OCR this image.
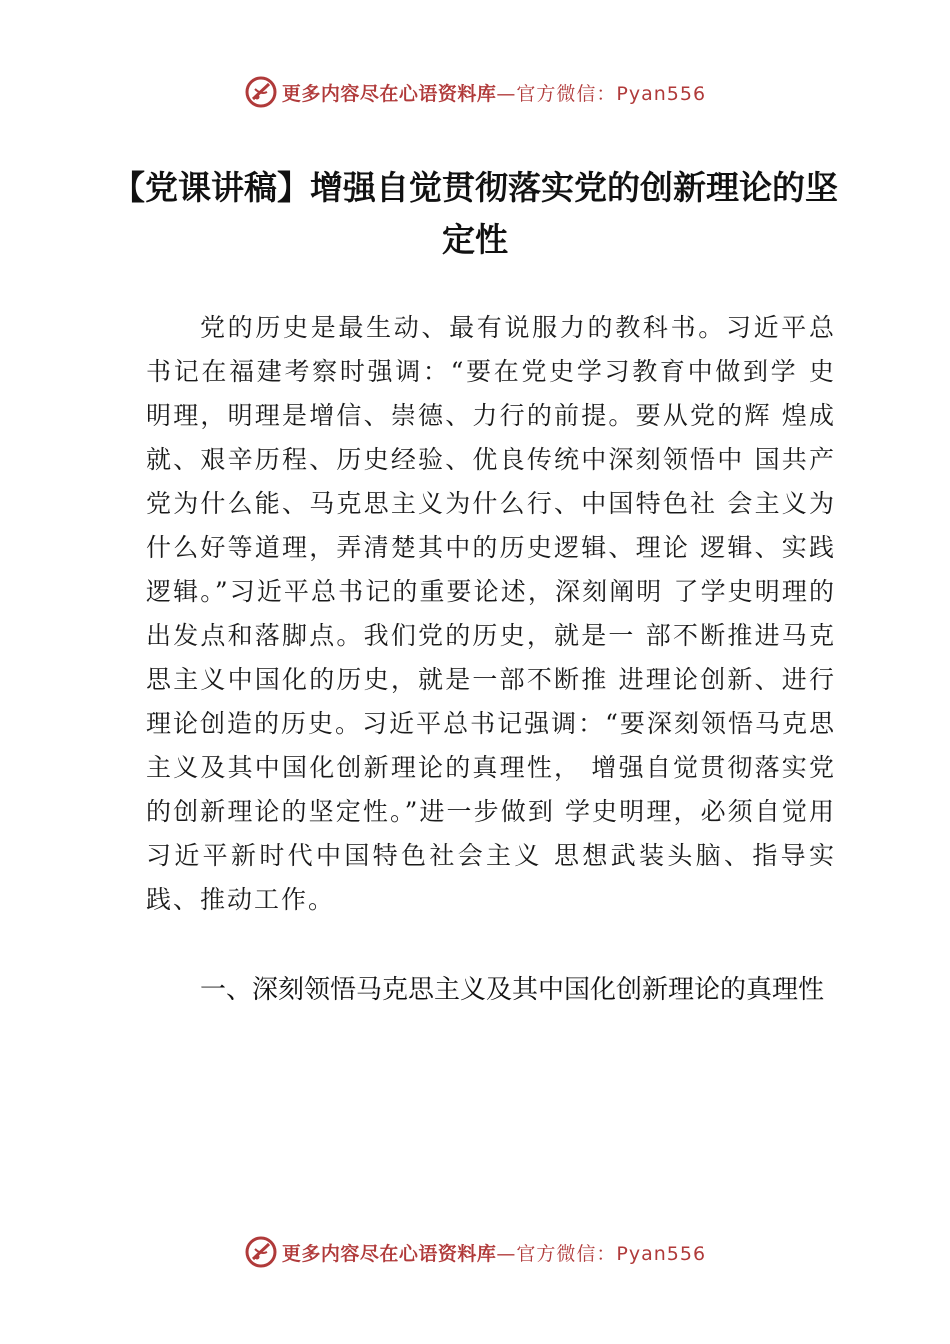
更多内容尽在心语资料库 —官方微信：Pyan556
【党课讲稿】增强自觉贯彻落实党的创新理论的坚定性
党的历史是最生动、最有说服力的教科书。习近平总书记在福建考察时强调：“要在党史学习教育中做到学 史明理，明理是增信、崇德、力行的前提。要从党的辉 煌成就、艰辛历程、历史经验、优良传统中深刻领悟中 国共产党为什么能、马克思主义为什么行、中国特色社 会主义为什么好等道理，弄清楚其中的历史逻辑、理论 逻辑、实践逻辑。”习近平总书记的重要论述，深刻阐明 了学史明理的出发点和落脚点。我们党的历史，就是一 部不断推进马克思主义中国化的历史，就是一部不断推 进理论创新、进行理论创造的历史。习近平总书记强调：“要深刻领悟马克思主义及其中国化创新理论的真理性， 增强自觉贯彻落实党的创新理论的坚定性。”进一步做到 学史明理，必须自觉用习近平新时代中国特色社会主义 思想武装头脑、指导实践、推动工作。
一、深刻领悟马克思主义及其中国化创新理论的真理性
更多内容尽在心语资料库 —官方微信：Pyan556
